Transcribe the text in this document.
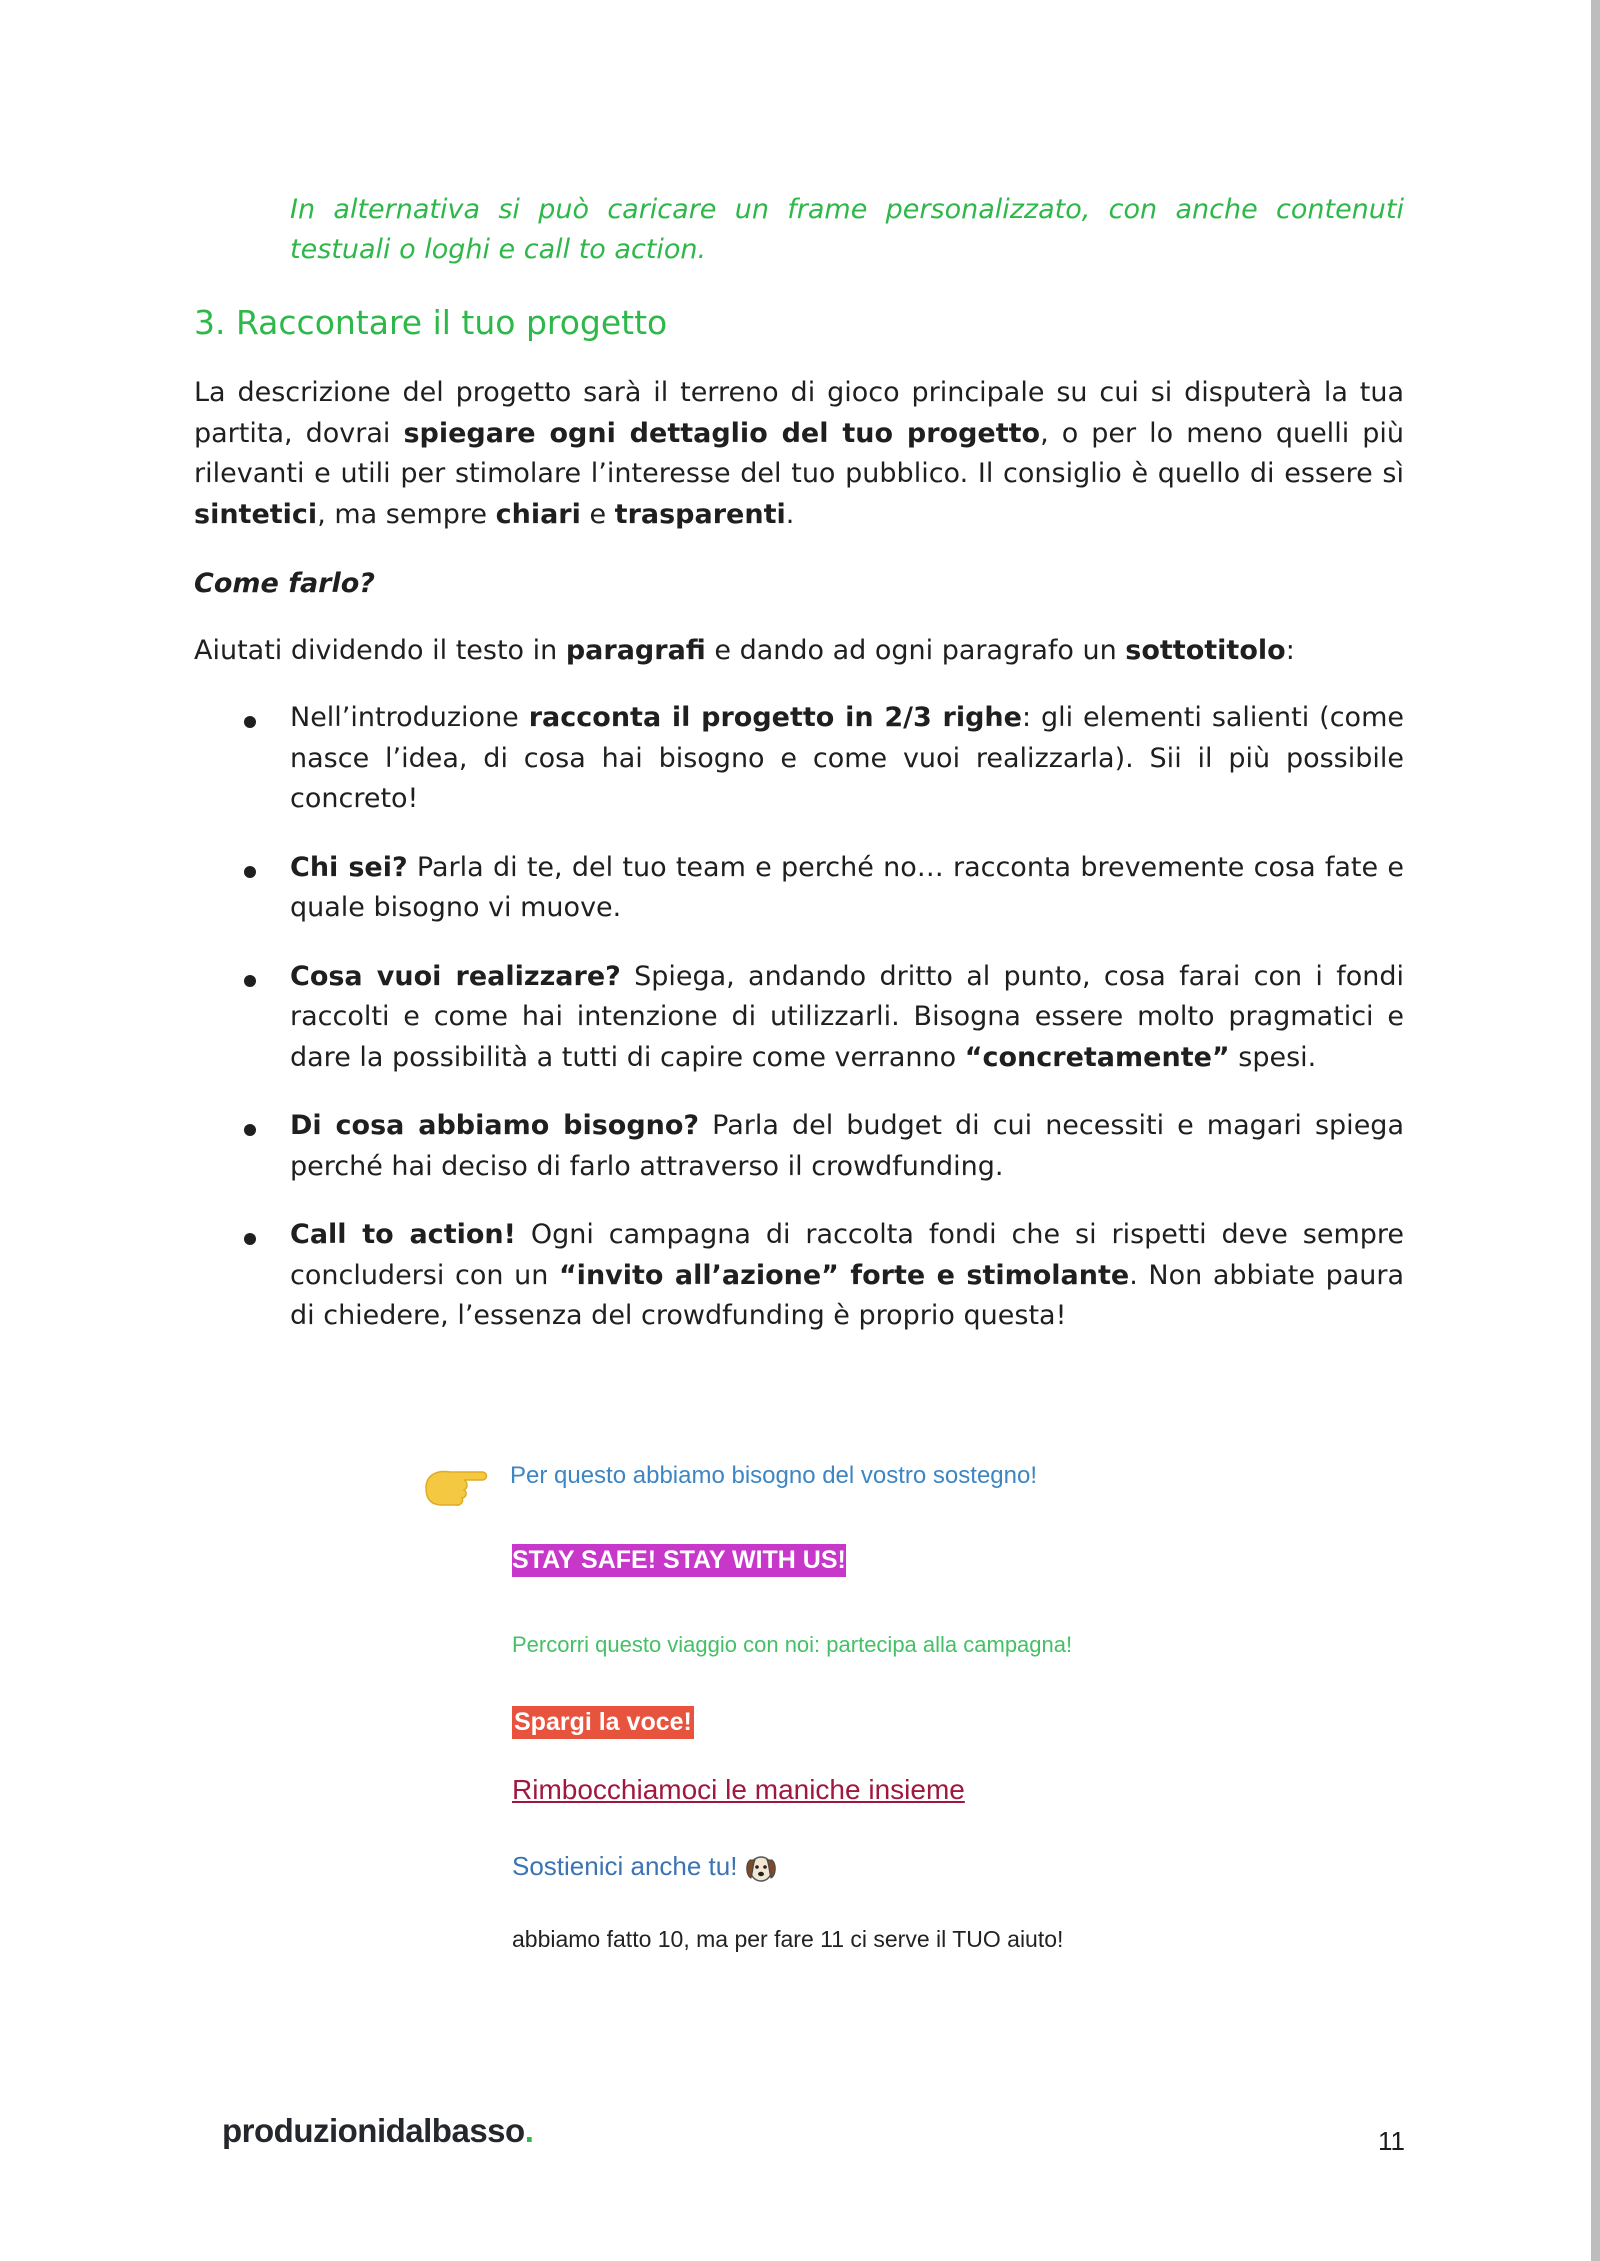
In alternativa si può caricare un frame personalizzato, con anche contenuti testuali o loghi e call to action.

3. Raccontare il tuo progetto

La descrizione del progetto sarà il terreno di gioco principale su cui si disputerà la tua partita, dovrai spiegare ogni dettaglio del tuo progetto, o per lo meno quelli più rilevanti e utili per stimolare l’interesse del tuo pubblico. Il consiglio è quello di essere sì sintetici, ma sempre chiari e trasparenti.

Come farlo?

Aiutati dividendo il testo in paragrafi e dando ad ogni paragrafo un sottotitolo:

Nell’introduzione racconta il progetto in 2/3 righe: gli elementi salienti (come nasce l’idea, di cosa hai bisogno e come vuoi realizzarla). Sii il più possibile concreto!
Chi sei? Parla di te, del tuo team e perché no… racconta brevemente cosa fate e quale bisogno vi muove.
Cosa vuoi realizzare? Spiega, andando dritto al punto, cosa farai con i fondi raccolti e come hai intenzione di utilizzarli. Bisogna essere molto pragmatici e dare la possibilità a tutti di capire come verranno “concretamente” spesi.
Di cosa abbiamo bisogno? Parla del budget di cui necessiti e magari spiega perché hai deciso di farlo attraverso il crowdfunding.
Call to action! Ogni campagna di raccolta fondi che si rispetti deve sempre concludersi con un “invito all’azione” forte e stimolante. Non abbiate paura di chiedere, l’essenza del crowdfunding è proprio questa!
Per questo abbiamo bisogno del vostro sostegno!
STAY SAFE! STAY WITH US!
Percorri questo viaggio con noi: partecipa alla campagna!
Spargi la voce!
Rimbocchiamoci le maniche insieme
Sostienici anche tu!
abbiamo fatto 10, ma per fare 11 ci serve il TUO aiuto!
produzionidalbasso.	11
